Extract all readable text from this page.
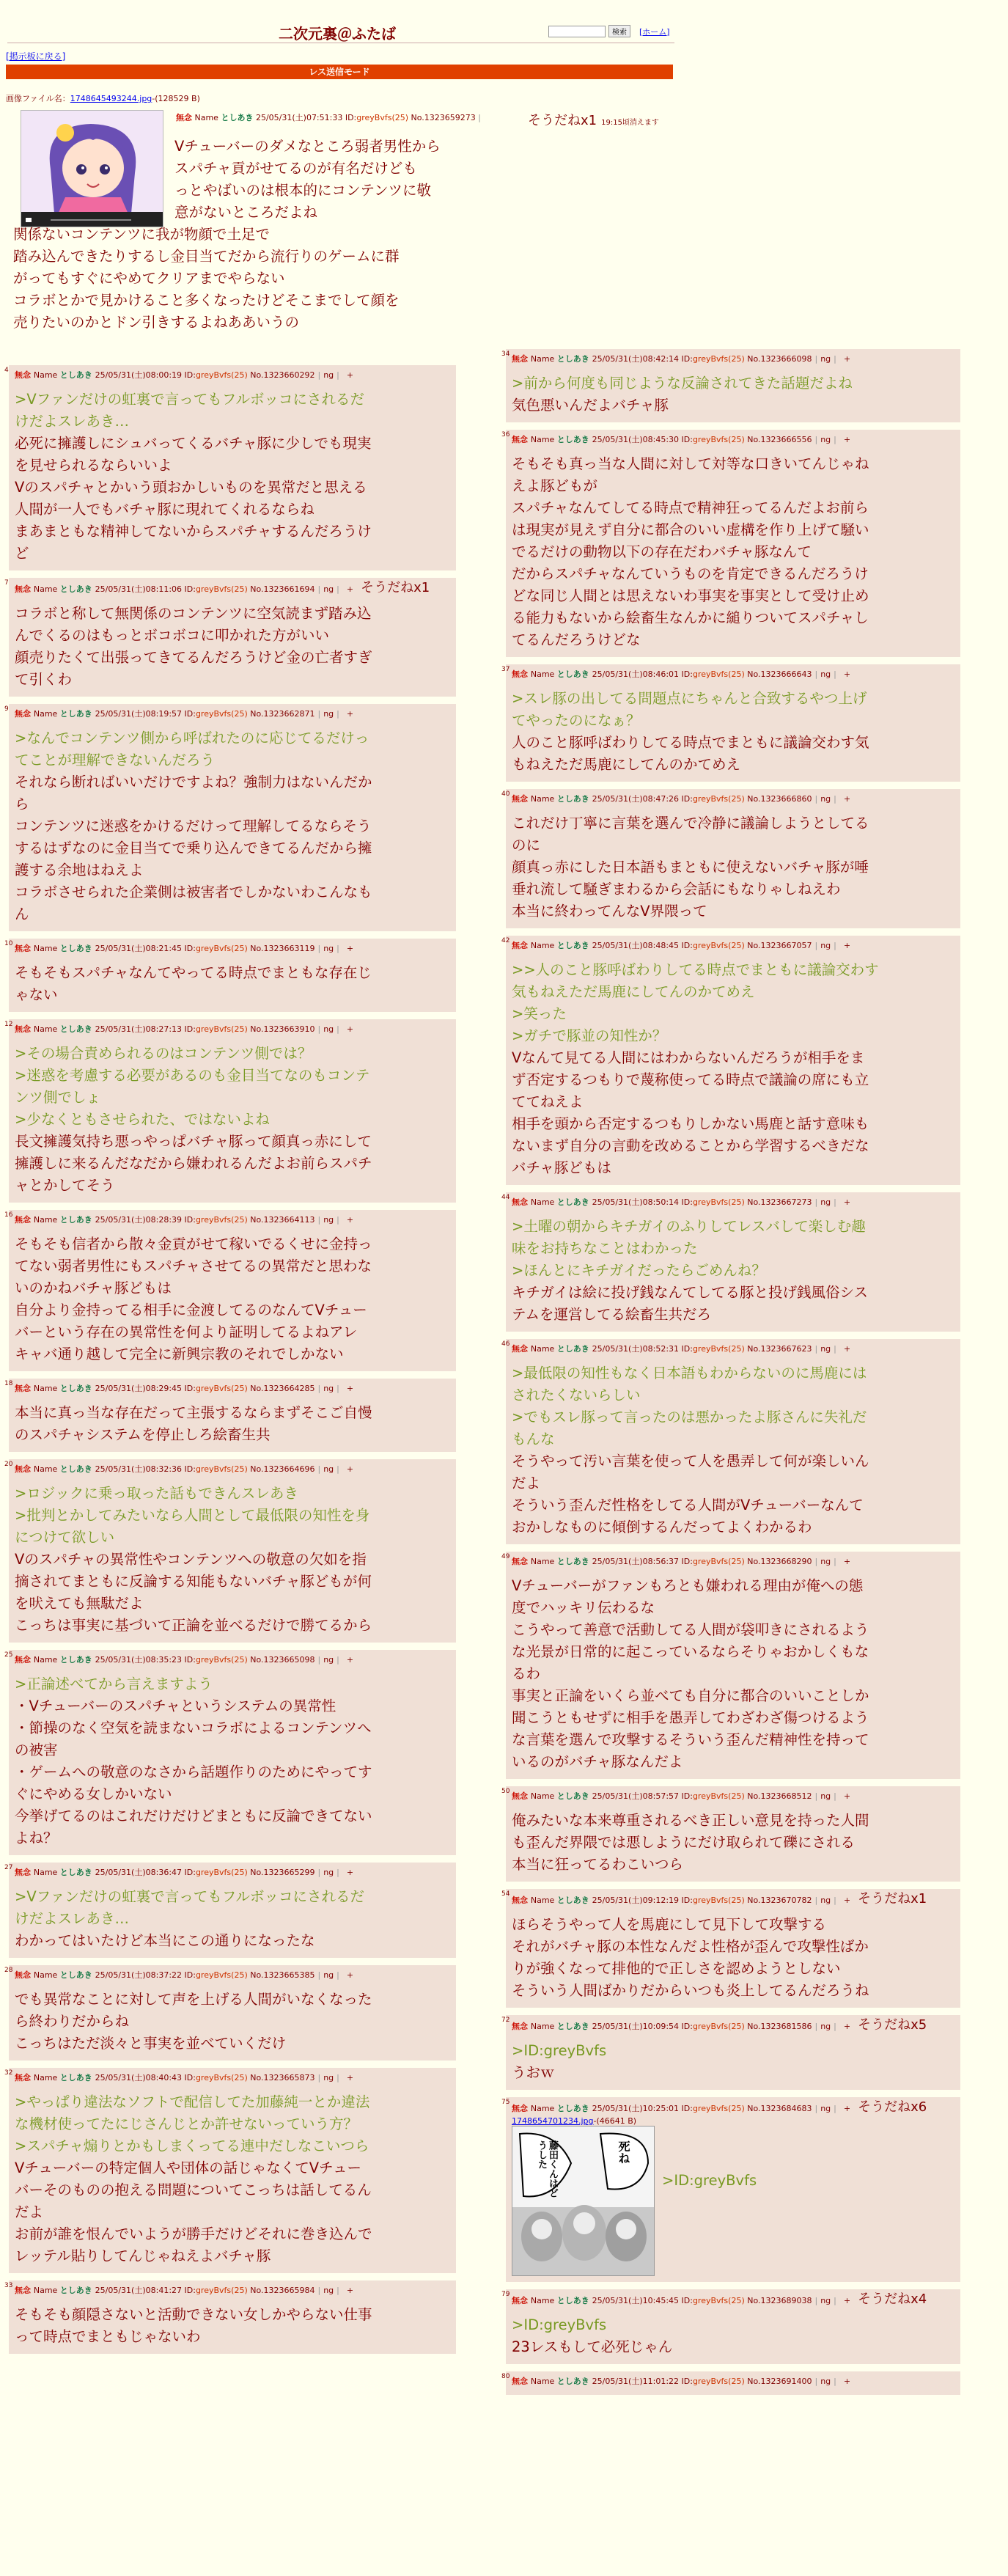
二次元裏＠ふたば	検索	[ホーム]
[掲示板に戻る]
レス送信モード
画像ファイル名：1748645493244.jpg-(128529 B)
無念 Name としあき 25/05/31(土)07:51:33 ID:greyBvfs(25) No.1323659273 |	そうだねx1 19:15頃消えます
Vチューバーのダメなところ弱者男性から
スパチャ貢がせてるのが有名だけども
っとやばいのは根本的にコンテンツに敬
意がないところだよね
関係ないコンテンツに我が物顔で土足で
踏み込んできたりするし金目当てだから流行りのゲームに群
がってもすぐにやめてクリアまでやらない
コラボとかで見かけること多くなったけどそこまでして顔を
売りたいのかとドン引きするよねああいうの
4 無念 Name としあき 25/05/31(土)08:00:19 ID:greyBvfs(25) No.1323660292 | ng | +
>Vファンだけの虹裏で言ってもフルボッコにされるだ
けだよスレあき…
必死に擁護しにシュバってくるバチャ豚に少しでも現実
を見せられるならいいよ
Vのスパチャとかいう頭おかしいものを異常だと思える
人間が一人でもバチャ豚に現れてくれるならね
まあまともな精神してないからスパチャするんだろうけ
ど
7
無念 Name としあき 25/05/31(土)08:11:06 ID:greyBvfs(25) No.1323661694 | ng | + そうだねx1
コラボと称して無関係のコンテンツに空気読まず踏み込
んでくるのはもっとボコボコに叩かれた方がいい
顔売りたくて出張ってきてるんだろうけど金の亡者すぎ
て引くわ
9 無念 Name としあき 25/05/31(土)08:19:57 ID:greyBvfs(25) No.1323662871 | ng | +
>なんでコンテンツ側から呼ばれたのに応じてるだけっ
てことが理解できないんだろう
それなら断ればいいだけですよね？強制力はないんだか
ら
コンテンツに迷惑をかけるだけって理解してるならそう
するはずなのに金目当てで乗り込んできてるんだから擁
護する余地はねえよ
コラボさせられた企業側は被害者でしかないわこんなも
ん
10 無念 Name としあき 25/05/31(土)08:21:45 ID:greyBvfs(25) No.1323663119 | ng | +
そもそもスパチャなんてやってる時点でまともな存在じ
ゃない
12 無念 Name としあき 25/05/31(土)08:27:13 ID:greyBvfs(25) No.1323663910 | ng | +
>その場合責められるのはコンテンツ側では？
>迷惑を考慮する必要があるのも金目当てなのもコンテ
ンツ側でしょ
>少なくともさせられた、ではないよね
長文擁護気持ち悪っやっぱバチャ豚って顔真っ赤にして
擁護しに来るんだなだから嫌われるんだよお前らスパチ
ャとかしてそう
16 無念 Name としあき 25/05/31(土)08:28:39 ID:greyBvfs(25) No.1323664113 | ng | +
そもそも信者から散々金貢がせて稼いでるくせに金持っ
てない弱者男性にもスパチャさせてるの異常だと思わな
いのかねバチャ豚どもは
自分より金持ってる相手に金渡してるのなんてVチュー
バーという存在の異常性を何より証明してるよねアレ
キャバ通り越して完全に新興宗教のそれでしかない
18 無念 Name としあき 25/05/31(土)08:29:45 ID:greyBvfs(25) No.1323664285 | ng | +
本当に真っ当な存在だって主張するならまずそこご自慢
のスパチャシステムを停止しろ絵畜生共
20 無念 Name としあき 25/05/31(土)08:32:36 ID:greyBvfs(25) No.1323664696 | ng | +
>ロジックに乗っ取った話もできんスレあき
>批判とかしてみたいなら人間として最低限の知性を身
につけて欲しい
Vのスパチャの異常性やコンテンツへの敬意の欠如を指
摘されてまともに反論する知能もないバチャ豚どもが何
を吠えても無駄だよ
こっちは事実に基づいて正論を並べるだけで勝てるから
25 無念 Name としあき 25/05/31(土)08:35:23 ID:greyBvfs(25) No.1323665098 | ng | +
>正論述べてから言えますよう
・Vチューバーのスパチャというシステムの異常性
・節操のなく空気を読まないコラボによるコンテンツへ
の被害
・ゲームへの敬意のなさから話題作りのためにやってす
ぐにやめる女しかいない
今挙げてるのはこれだけだけどまともに反論できてない
よね？
27 無念 Name としあき 25/05/31(土)08:36:47 ID:greyBvfs(25) No.1323665299 | ng | +
>Vファンだけの虹裏で言ってもフルボッコにされるだ
けだよスレあき…
わかってはいたけど本当にこの通りになったな
28 無念 Name としあき 25/05/31(土)08:37:22 ID:greyBvfs(25) No.1323665385 | ng | +
でも異常なことに対して声を上げる人間がいなくなった
ら終わりだからね
こっちはただ淡々と事実を並べていくだけ
32 無念 Name としあき 25/05/31(土)08:40:43 ID:greyBvfs(25) No.1323665873 | ng | +
>やっぱり違法なソフトで配信してた加藤純一とか違法
な機材使ってたにじさんじとか許せないっていう方？
>スパチャ煽りとかもしまくってる連中だしなこいつら
Vチューバーの特定個人や団体の話じゃなくてVチュー
バーそのものの抱える問題についてこっちは話してるん
だよ
お前が誰を恨んでいようが勝手だけどそれに巻き込んで
レッテル貼りしてんじゃねえよバチャ豚
33 無念 Name としあき 25/05/31(土)08:41:27 ID:greyBvfs(25) No.1323665984 | ng | +
そもそも顔隠さないと活動できない女しかやらない仕事
って時点でまともじゃないわ
34 無念 Name としあき 25/05/31(土)08:42:14 ID:greyBvfs(25) No.1323666098 | ng | +
>前から何度も同じような反論されてきた話題だよね
気色悪いんだよバチャ豚
36 無念 Name としあき 25/05/31(土)08:45:30 ID:greyBvfs(25) No.1323666556 | ng | +
そもそも真っ当な人間に対して対等な口きいてんじゃね
えよ豚どもが
スパチャなんてしてる時点で精神狂ってるんだよお前ら
は現実が見えず自分に都合のいい虚構を作り上げて騒い
でるだけの動物以下の存在だわバチャ豚なんて
だからスパチャなんていうものを肯定できるんだろうけ
どな同じ人間とは思えないわ事実を事実として受け止め
る能力もないから絵畜生なんかに縋りついてスパチャし
てるんだろうけどな
37 無念 Name としあき 25/05/31(土)08:46:01 ID:greyBvfs(25) No.1323666643 | ng | +
>スレ豚の出してる問題点にちゃんと合致するやつ上げ
てやったのになぁ？
人のこと豚呼ばわりしてる時点でまともに議論交わす気
もねえただ馬鹿にしてんのかてめえ
40 無念 Name としあき 25/05/31(土)08:47:26 ID:greyBvfs(25) No.1323666860 | ng | +
これだけ丁寧に言葉を選んで冷静に議論しようとしてる
のに
顔真っ赤にした日本語もまともに使えないバチャ豚が唾
垂れ流して騒ぎまわるから会話にもなりゃしねえわ
本当に終わってんなV界隈って
42 無念 Name としあき 25/05/31(土)08:48:45 ID:greyBvfs(25) No.1323667057 | ng | +
>>人のこと豚呼ばわりしてる時点でまともに議論交わす
気もねえただ馬鹿にしてんのかてめえ
>笑った
>ガチで豚並の知性か？
Vなんて見てる人間にはわからないんだろうが相手をま
ず否定するつもりで蔑称使ってる時点で議論の席にも立
ててねえよ
相手を頭から否定するつもりしかない馬鹿と話す意味も
ないまず自分の言動を改めることから学習するべきだな
バチャ豚どもは
44 無念 Name としあき 25/05/31(土)08:50:14 ID:greyBvfs(25) No.1323667273 | ng | +
>土曜の朝からキチガイのふりしてレスバして楽しむ趣
味をお持ちなことはわかった
>ほんとにキチガイだったらごめんね？
キチガイは絵に投げ銭なんてしてる豚と投げ銭風俗シス
テムを運営してる絵畜生共だろ
46 無念 Name としあき 25/05/31(土)08:52:31 ID:greyBvfs(25) No.1323667623 | ng | +
>最低限の知性もなく日本語もわからないのに馬鹿には
されたくないらしい
>でもスレ豚って言ったのは悪かったよ豚さんに失礼だ
もんな
そうやって汚い言葉を使って人を愚弄して何が楽しいん
だよ
そういう歪んだ性格をしてる人間がVチューバーなんて
おかしなものに傾倒するんだってよくわかるわ
49 無念 Name としあき 25/05/31(土)08:56:37 ID:greyBvfs(25) No.1323668290 | ng | +
Vチューバーがファンもろとも嫌われる理由が俺への態
度でハッキリ伝わるな
こうやって善意で活動してる人間が袋叩きにされるよう
な光景が日常的に起こっているならそりゃおかしくもな
るわ
事実と正論をいくら並べても自分に都合のいいことしか
聞こうともせずに相手を愚弄してわざわざ傷つけるよう
な言葉を選んで攻撃するそういう歪んだ精神性を持って
いるのがバチャ豚なんだよ
50 無念 Name としあき 25/05/31(土)08:57:57 ID:greyBvfs(25) No.1323668512 | ng | +
俺みたいな本来尊重されるべき正しい意見を持った人間
も歪んだ界隈では悪しようにだけ取られて礫にされる
本当に狂ってるわこいつら
54
無念 Name としあき 25/05/31(土)09:12:19 ID:greyBvfs(25) No.1323670782 | ng | + そうだねx1
ほらそうやって人を馬鹿にして見下して攻撃する
それがバチャ豚の本性なんだよ性格が歪んで攻撃性ばか
りが強くなって排他的で正しさを認めようとしない
そういう人間ばかりだからいつも炎上してるんだろうね
72
無念 Name としあき 25/05/31(土)10:09:54 ID:greyBvfs(25) No.1323681586 | ng | + そうだねx5
>ID:greyBvfs
うおｗ
75
無念 Name としあき 25/05/31(土)10:25:01 ID:greyBvfs(25) No.1323684683 | ng | + そうだねx6
1748654701234.jpg-(46641 B)
藤田くんはどうした	死ね
>ID:greyBvfs
79
無念 Name としあき 25/05/31(土)10:45:45 ID:greyBvfs(25) No.1323689038 | ng | + そうだねx4
>ID:greyBvfs
23レスもして必死じゃん
80 無念 Name としあき 25/05/31(土)11:01:22 ID:greyBvfs(25) No.1323691400 | ng | +
